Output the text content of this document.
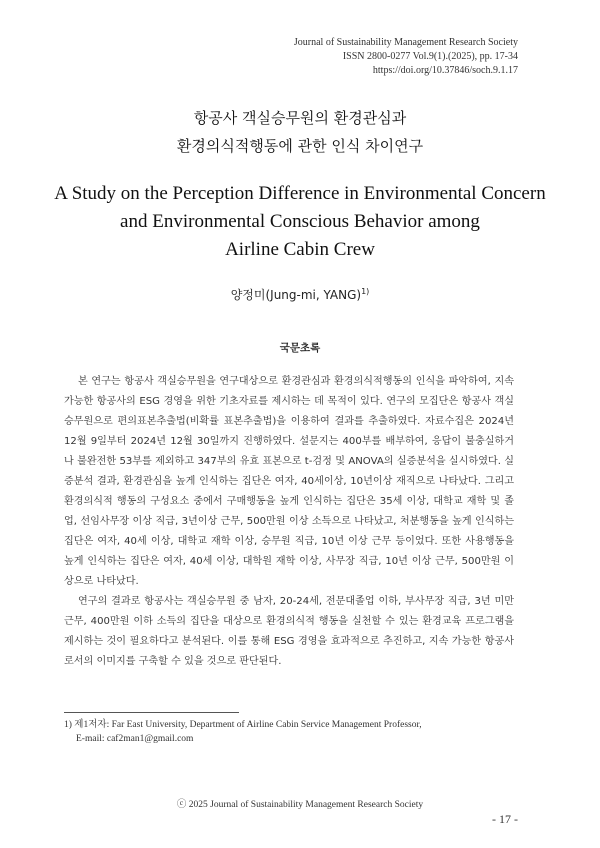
Journal of Sustainability Management Research Society
ISSN 2800-0277 Vol.9(1).(2025), pp. 17-34
https://doi.org/10.37846/soch.9.1.17
항공사 객실승무원의 환경관심과
환경의식적행동에 관한 인식 차이연구
A Study on the Perception Difference in Environmental Concern
and Environmental Conscious Behavior among
Airline Cabin Crew
양정미(Jung-mi, YANG)$^{1)}$
국문초록

본 연구는 항공사 객실승무원을 연구대상으로 환경관심과 환경의식적행동의 인식을 파악하여, 지속가능한 항공사의 ESG 경영을 위한 기초자료를 제시하는 데 목적이 있다. 연구의 모집단은 항공사 객실승무원으로 편의표본추출법(비확률 표본추출법)을 이용하여 결과를 추출하였다. 자료수집은 2024년 12월 9일부터 2024년 12월 30일까지 진행하였다. 설문지는 400부를 배부하여, 응답이 불충실하거나 불완전한 53부를 제외하고 347부의 유효 표본으로 t-검정 및 ANOVA의 실증분석을 실시하였다. 실증분석 결과, 환경관심을 높게 인식하는 집단은 여자, 40세이상, 10년이상 재직으로 나타났다. 그리고 환경의식적 행동의 구성요소 중에서 구매행동을 높게 인식하는 집단은 35세 이상, 대학교 재학 및 졸업, 선임사무장 이상 직급, 3년이상 근무, 500만원 이상 소득으로 나타났고, 처분행동을 높게 인식하는 집단은 여자, 40세 이상, 대학교 재학 이상, 승무원 직급, 10년 이상 근무 등이었다. 또한 사용행동을 높게 인식하는 집단은 여자, 40세 이상, 대학원 재학 이상, 사무장 직급, 10년 이상 근무, 500만원 이상으로 나타났다.

연구의 결과로 항공사는 객실승무원 중 남자, 20-24세, 전문대졸업 이하, 부사무장 직급, 3년 미만 근무, 400만원 이하 소득의 집단을 대상으로 환경의식적 행동을 실천할 수 있는 환경교육 프로그램을 제시하는 것이 필요하다고 분석된다. 이를 통해 ESG 경영을 효과적으로 추진하고, 지속 가능한 항공사로서의 이미지를 구축할 수 있을 것으로 판단된다.

1) 제1저자: Far East University, Department of Airline Cabin Service Management Professor,
E-mail: caf2man1@gmail.com
ⓒ 2025 Journal of Sustainability Management Research Society
- 17 -
